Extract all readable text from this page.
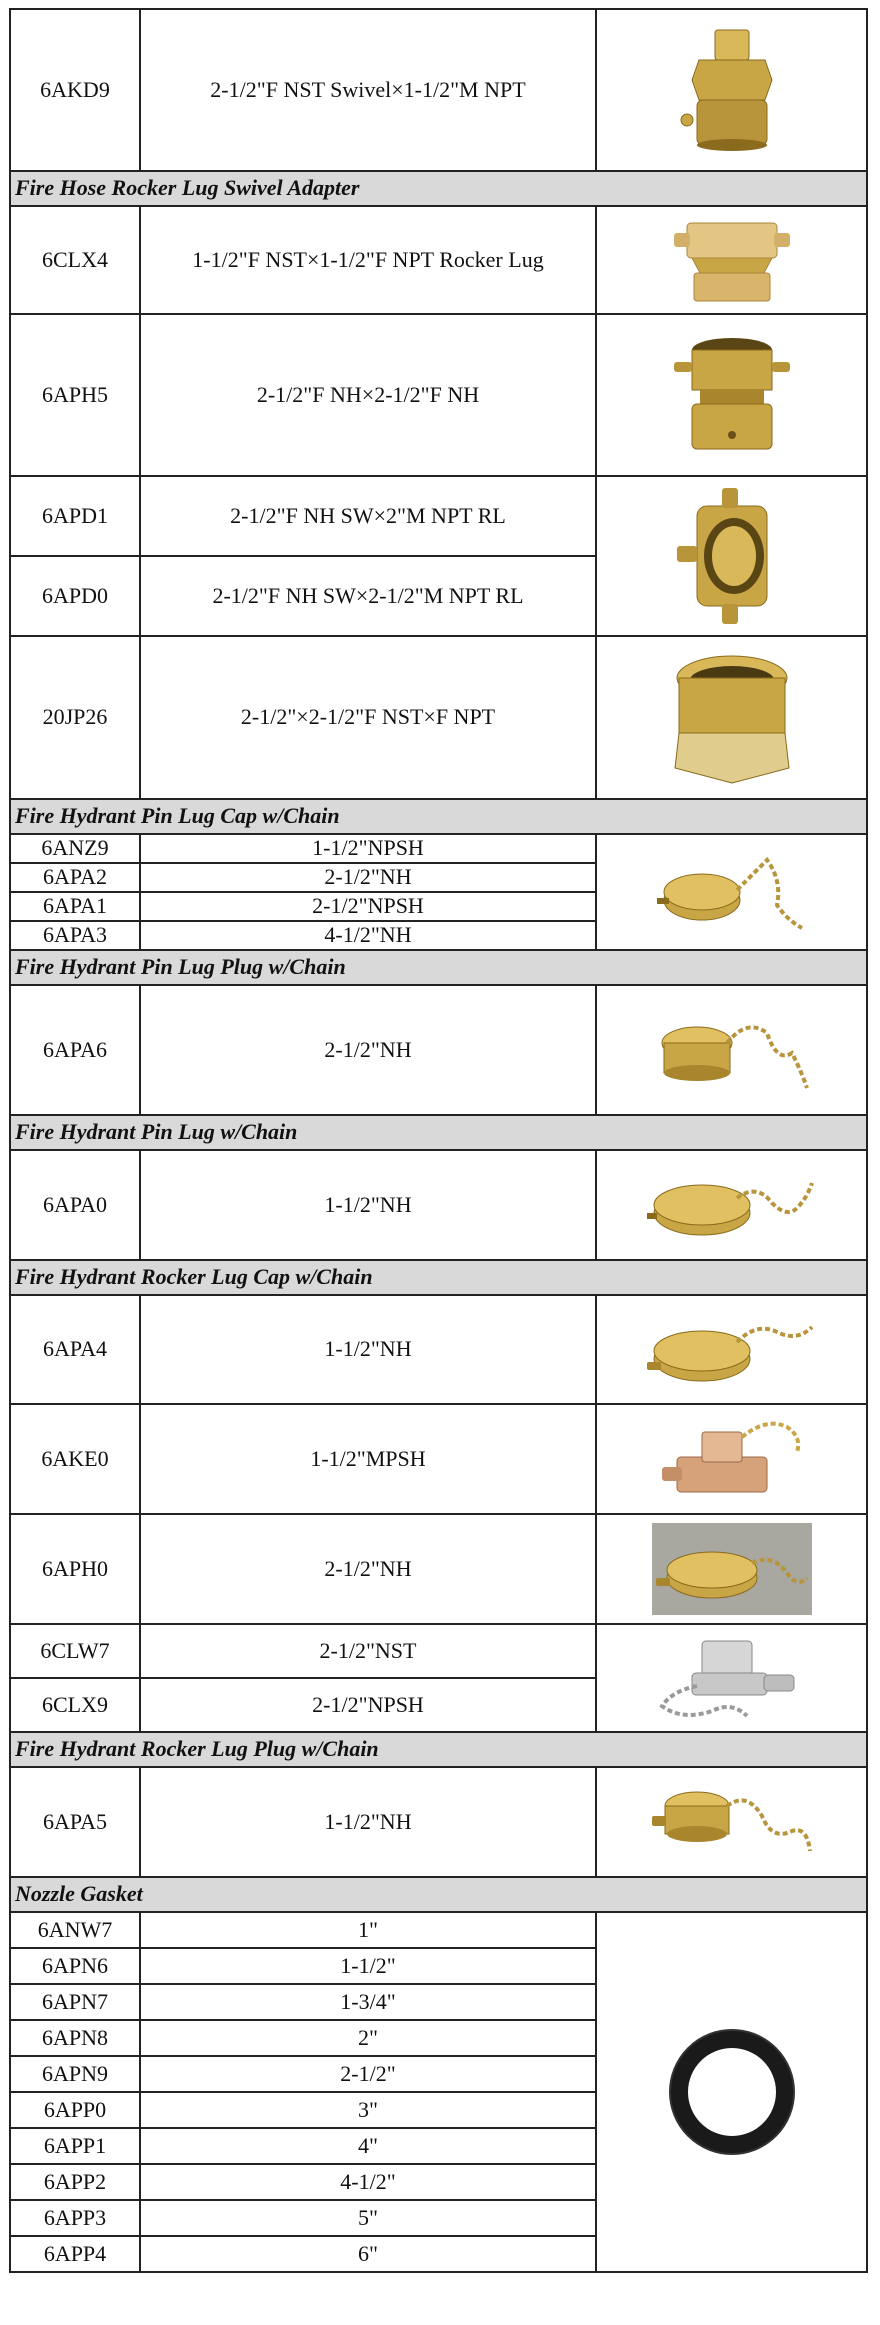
6AKD9	2-1/2"F NST Swivel×1-1/2"M NPT	

Fire Hose Rocker Lug Swivel Adapter		
6CLX4	1-1/2"F NST×1-1/2"F NPT Rocker Lug	

6APH5	2-1/2"F NH×2-1/2"F NH	

6APD1	2-1/2"F NH SW×2"M NPT RL	

6APD0	2-1/2"F NH SW×2-1/2"M NPT RL	
20JP26	2-1/2"×2-1/2"F NST×F NPT	

Fire Hydrant Pin Lug Cap w/Chain		
6ANZ9	1-1/2"NPSH	

6APA2	2-1/2"NH	
6APA1	2-1/2"NPSH	
6APA3	4-1/2"NH	
Fire Hydrant Pin Lug Plug w/Chain		
6APA6	2-1/2"NH	

Fire Hydrant Pin Lug w/Chain		
6APA0	1-1/2"NH	

Fire Hydrant Rocker Lug Cap w/Chain		
6APA4	1-1/2"NH	

6AKE0	1-1/2"MPSH	

6APH0	2-1/2"NH	

6CLW7	2-1/2"NST	

6CLX9	2-1/2"NPSH	
Fire Hydrant Rocker Lug Plug w/Chain		
6APA5	1-1/2"NH	

Nozzle Gasket		
6ANW7	1"	

6APN6	1-1/2"	
6APN7	1-3/4"	
6APN8	2"	
6APN9	2-1/2"	
6APP0	3"	
6APP1	4"	
6APP2	4-1/2"	
6APP3	5"	
6APP4	6"	
